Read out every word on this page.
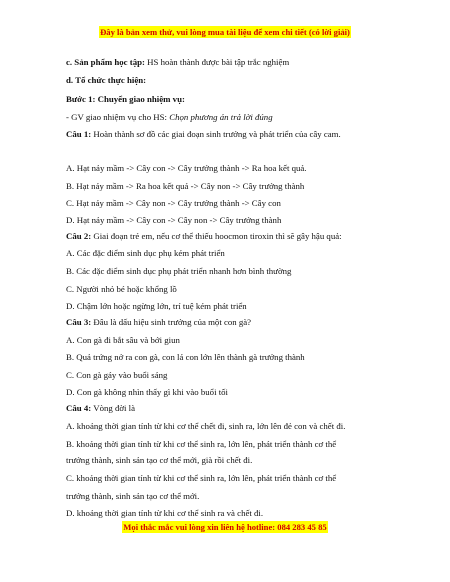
Đây là bản xem thử, vui lòng mua tài liệu để xem chi tiết (có lời giải)
c. Sản phẩm học tập: HS hoàn thành được bài tập trắc nghiệm
d. Tổ chức thực hiện:
Bước 1: Chuyển giao nhiệm vụ:
- GV giao nhiệm vụ cho HS: Chọn phương án trả lời đúng
Câu 1: Hoàn thành sơ đồ các giai đoạn sinh trưởng và phát triển của cây cam.
A. Hạt nảy mầm -> Cây con -> Cây trưởng thành -> Ra hoa kết quả.
B. Hạt nảy mầm -> Ra hoa kết quả -> Cây non -> Cây trưởng thành
C. Hạt nảy mầm -> Cây non -> Cây trưởng thành -> Cây con
D. Hạt nảy mầm -> Cây con -> Cây non -> Cây trưởng thành
Câu 2: Giai đoạn trẻ em, nếu cơ thể thiếu hoocmon tiroxin thì sẽ gây hậu quả:
A. Các đặc điểm sinh dục phụ kém phát triển
B. Các đặc điểm sinh dục phụ phát triển nhanh hơn bình thường
C. Người nhỏ bé hoặc khổng lồ
D. Chậm lớn hoặc ngừng lớn, trí tuệ kém phát triển
Câu 3: Đâu là dấu hiệu sinh trưởng của một con gà?
A. Con gà đi bắt sâu và bới giun
B. Quả trứng nở ra con gà, con lá con lớn lên thành gà trưởng thành
C. Con gà gáy vào buổi sáng
D. Con gà không nhìn thấy gì khi vào buổi tối
Câu 4: Vòng đời là
A. khoảng thời gian tính từ khi cơ thể chết đi, sinh ra, lớn lên đẻ con và chết đi.
B. khoảng thời gian tính từ khi cơ thể sinh ra, lớn lên, phát triển thành cơ thể
trưởng thành, sinh sản tạo cơ thể mới, già rồi chết đi.
C. khoảng thời gian tính từ khi cơ thể sinh ra, lớn lên, phát triển thành cơ thể
trưởng thành, sinh sản tạo cơ thể mới.
D. khoảng thời gian tính từ khi cơ thể sinh ra và chết đi.
Mọi thắc mắc vui lòng xin liên hệ hotline: 084 283 45 85
